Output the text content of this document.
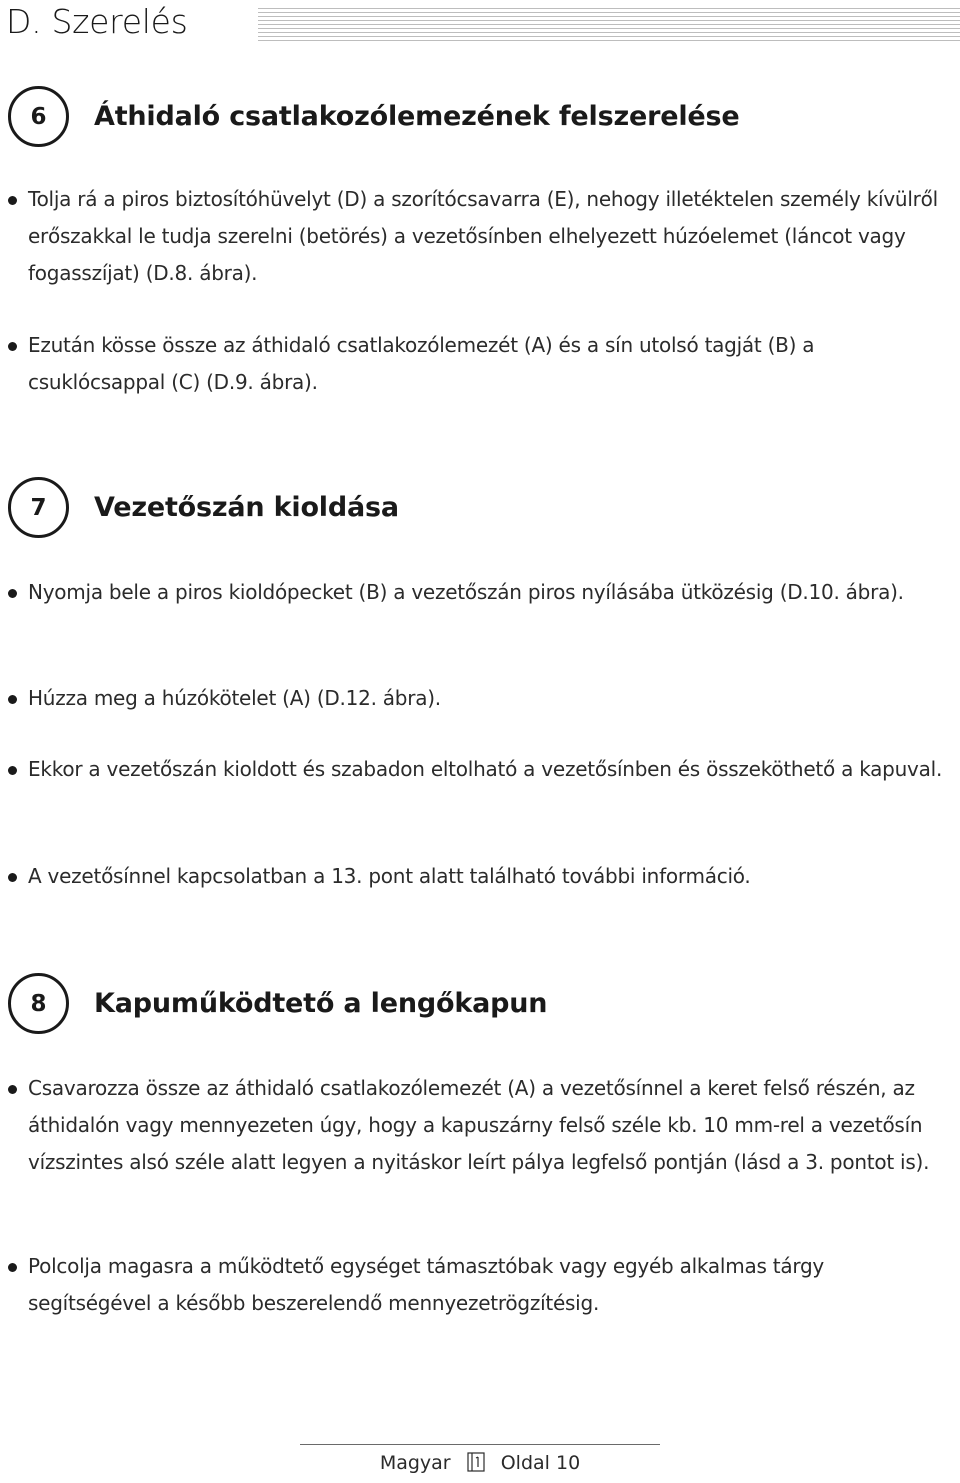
D. Szerelés
6	Áthidaló csatlakozólemezének felszerelése
Tolja rá a piros biztosítóhüvelyt (D) a szorítócsavarra (E), nehogy illetéktelen személy kívülről erőszakkal le tudja szerelni (betörés) a vezetősínben elhelyezett húzóelemet (láncot vagy fogasszíjat) (D.8. ábra).
Ezután kösse össze az áthidaló csatlakozólemezét (A) és a sín utolsó tagját (B) a csuklócsappal (C) (D.9. ábra).
7	Vezetőszán kioldása
Nyomja bele a piros kioldópecket (B) a vezetőszán piros nyílásába ütközésig (D.10. ábra).
Húzza meg a húzókötelet (A) (D.12. ábra).
Ekkor a vezetőszán kioldott és szabadon eltolható a vezetősínben és összeköthető a kapuval.
A vezetősínnel kapcsolatban a 13. pont alatt található további információ.
8	Kapuműködtető a lengőkapun
Csavarozza össze az áthidaló csatlakozólemezét (A) a vezetősínnel a keret felső részén, az áthidalón vagy mennyezeten úgy, hogy a kapuszárny felső széle kb. 10 mm-rel a vezetősín vízszintes alsó széle alatt legyen a nyitáskor leírt pálya legfelső pontján (lásd a 3. pontot is).
Polcolja magasra a működtető egységet támasztóbak vagy egyéb alkalmas tárgy segítségével a később beszerelendő mennyezetrögzítésig.
Magyar	Oldal 10
